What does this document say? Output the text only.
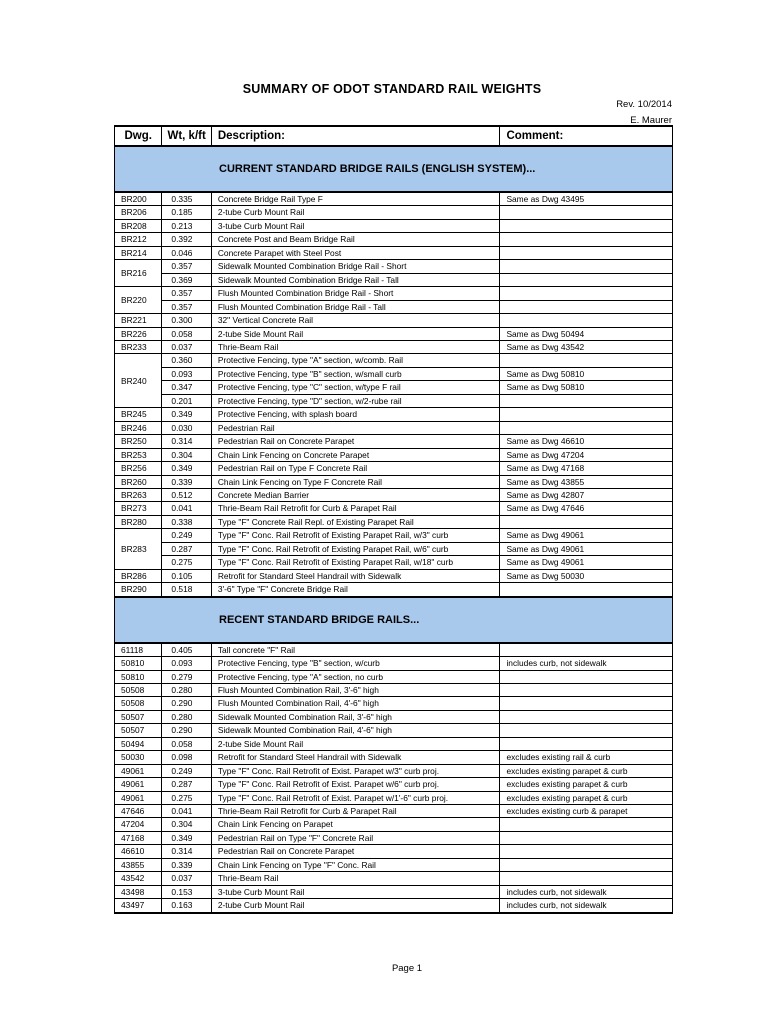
SUMMARY OF ODOT STANDARD RAIL WEIGHTS
Rev. 10/2014
E. Maurer
Dwg.	Wt, k/ft	Description:	Comment:
CURRENT STANDARD BRIDGE RAILS (ENGLISH SYSTEM)...			
BR200	0.335	Concrete Bridge Rail Type F	Same as Dwg 43495
BR206	0.185	2-tube Curb Mount Rail	
BR208	0.213	3-tube Curb Mount Rail	
BR212	0.392	Concrete Post and Beam Bridge Rail	
BR214	0.046	Concrete Parapet with Steel Post	
BR216	0.357	Sidewalk Mounted Combination Bridge Rail - Short	
	0.369	Sidewalk Mounted Combination Bridge Rail - Tall	
BR220	0.357	Flush Mounted Combination Bridge Rail - Short	
	0.357	Flush Mounted Combination Bridge Rail - Tall	
BR221	0.300	32" Vertical Concrete Rail	
BR226	0.058	2-tube Side Mount Rail	Same as Dwg 50494
BR233	0.037	Thrie-Beam Rail	Same as Dwg 43542
BR240	0.360	Protective Fencing, type "A" section, w/comb. Rail	
	0.093	Protective Fencing, type "B" section, w/small curb	Same as Dwg 50810
	0.347	Protective Fencing, type "C" section, w/type F rail	Same as Dwg 50810
	0.201	Protective Fencing, type "D" section, w/2-rube rail	
BR245	0.349	Protective Fencing, with splash board	
BR246	0.030	Pedestrian Rail	
BR250	0.314	Pedestrian Rail on Concrete Parapet	Same as Dwg 46610
BR253	0.304	Chain Link Fencing on Concrete Parapet	Same as Dwg 47204
BR256	0.349	Pedestrian Rail on Type F Concrete Rail	Same as Dwg 47168
BR260	0.339	Chain Link Fencing on Type F Concrete Rail	Same as Dwg 43855
BR263	0.512	Concrete Median Barrier	Same as Dwg 42807
BR273	0.041	Thrie-Beam Rail Retrofit for Curb & Parapet Rail	Same as Dwg 47646
BR280	0.338	Type "F" Concrete Rail Repl. of Existing Parapet Rail	
BR283	0.249	Type "F" Conc. Rail Retrofit of Existing Parapet Rail, w/3" curb	Same as Dwg 49061
	0.287	Type "F" Conc. Rail Retrofit of Existing Parapet Rail, w/6" curb	Same as Dwg 49061
	0.275	Type "F" Conc. Rail Retrofit of Existing Parapet Rail, w/18" curb	Same as Dwg 49061
BR286	0.105	Retrofit for Standard Steel Handrail with Sidewalk	Same as Dwg 50030
BR290	0.518	3'-6" Type "F" Concrete Bridge Rail	
RECENT STANDARD BRIDGE RAILS...			
61118	0.405	Tall concrete "F" Rail	
50810	0.093	Protective Fencing, type "B" section, w/curb	includes curb, not sidewalk
50810	0.279	Protective Fencing, type "A" section, no curb	
50508	0.280	Flush Mounted Combination Rail, 3'-6" high	
50508	0.290	Flush Mounted Combination Rail, 4'-6" high	
50507	0.280	Sidewalk Mounted Combination Rail, 3'-6" high	
50507	0.290	Sidewalk Mounted Combination Rail, 4'-6" high	
50494	0.058	2-tube Side Mount Rail	
50030	0.098	Retrofit for Standard Steel Handrail with Sidewalk	excludes existing rail & curb
49061	0.249	Type "F" Conc. Rail Retrofit of Exist. Parapet w/3" curb proj.	excludes existing parapet & curb
49061	0.287	Type "F" Conc. Rail Retrofit of Exist. Parapet w/6" curb proj.	excludes existing parapet & curb
49061	0.275	Type "F" Conc. Rail Retrofit of Exist. Parapet w/1'-6" curb proj.	excludes existing parapet & curb
47646	0.041	Thrie-Beam Rail Retrofit for Curb & Parapet Rail	excludes existing curb & parapet
47204	0.304	Chain Link Fencing on Parapet	
47168	0.349	Pedestrian Rail on Type "F" Concrete Rail	
46610	0.314	Pedestrian Rail on Concrete Parapet	
43855	0.339	Chain Link Fencing on Type "F" Conc. Rail	
43542	0.037	Thrie-Beam Rail	
43498	0.153	3-tube Curb Mount Rail	includes curb, not sidewalk
43497	0.163	2-tube Curb Mount Rail	includes curb, not sidewalk
Page 1
